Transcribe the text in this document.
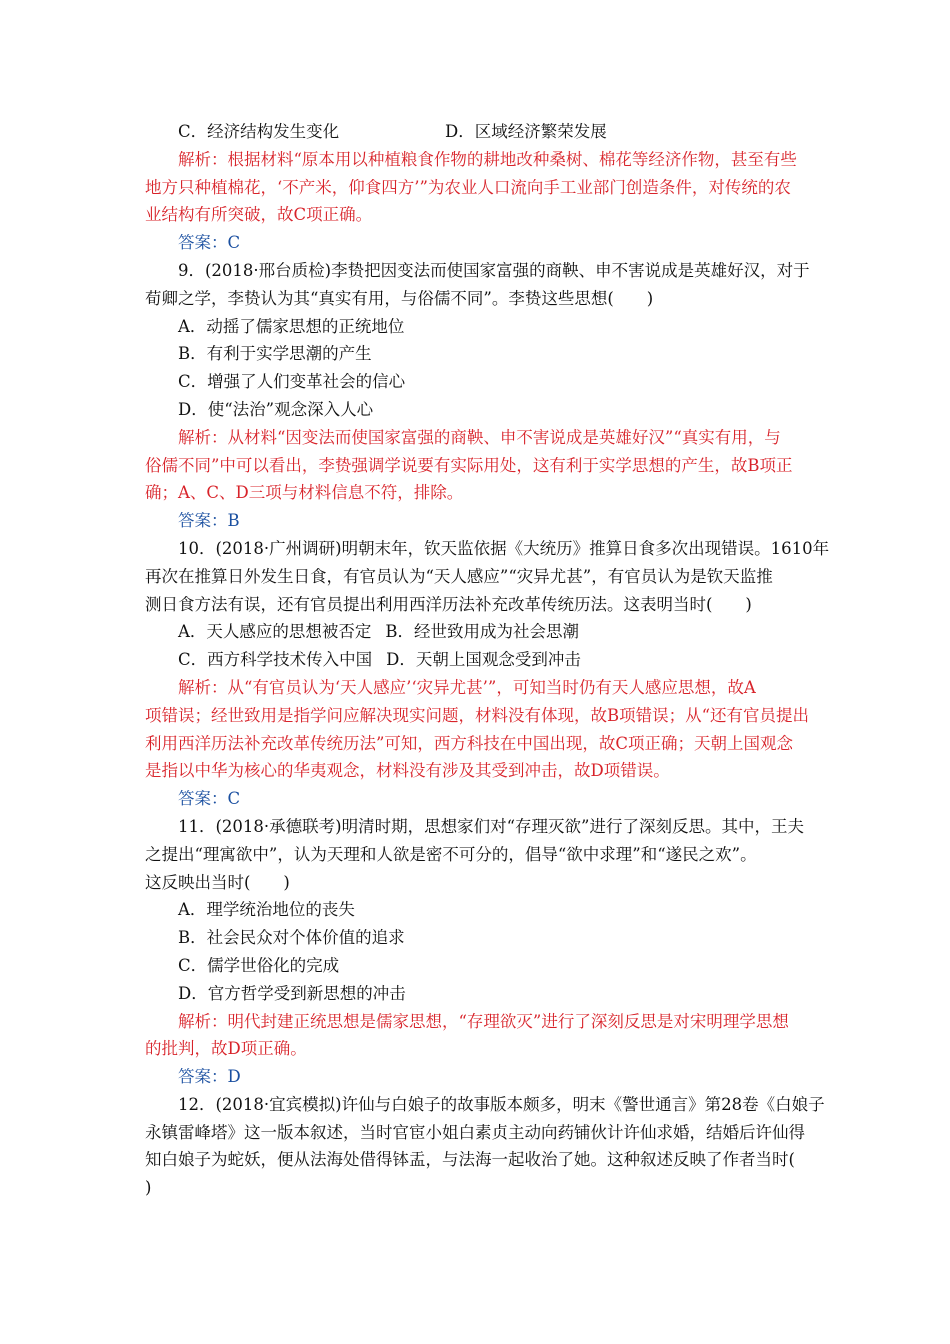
C．经济结构发生变化	D．区域经济繁荣发展
解析：根据材料“原本用以种植粮食作物的耕地改种桑树、棉花等经济作物，甚至有些
地方只种植棉花，‘不产米，仰食四方’”为农业人口流向手工业部门创造条件，对传统的农
业结构有所突破，故C项正确。
答案：C
9．(2018·邢台质检)李贽把因变法而使国家富强的商鞅、申不害说成是英雄好汉，对于
荀卿之学，李贽认为其“真实有用，与俗儒不同”。李贽这些思想(　　)
A．动摇了儒家思想的正统地位
B．有利于实学思潮的产生
C．增强了人们变革社会的信心
D．使“法治”观念深入人心
解析：从材料“因变法而使国家富强的商鞅、申不害说成是英雄好汉”“真实有用，与
俗儒不同”中可以看出，李贽强调学说要有实际用处，这有利于实学思想的产生，故B项正
确；A、C、D三项与材料信息不符，排除。
答案：B
10．(2018·广州调研)明朝末年，钦天监依据《大统历》推算日食多次出现错误。1610年
再次在推算日外发生日食，有官员认为“天人感应”“灾异尤甚”，有官员认为是钦天监推
测日食方法有误，还有官员提出利用西洋历法补充改革传统历法。这表明当时(　　)
A．天人感应的思想被否定 B．经世致用成为社会思潮
C．西方科学技术传入中国 D．天朝上国观念受到冲击
解析：从“有官员认为‘天人感应’‘灾异尤甚’”，可知当时仍有天人感应思想，故A
项错误；经世致用是指学问应解决现实问题，材料没有体现，故B项错误；从“还有官员提出
利用西洋历法补充改革传统历法”可知，西方科技在中国出现，故C项正确；天朝上国观念
是指以中华为核心的华夷观念，材料没有涉及其受到冲击，故D项错误。
答案：C
11．(2018·承德联考)明清时期，思想家们对“存理灭欲”进行了深刻反思。其中，王夫
之提出“理寓欲中”，认为天理和人欲是密不可分的，倡导“欲中求理”和“遂民之欢”。
这反映出当时(　　)
A．理学统治地位的丧失
B．社会民众对个体价值的追求
C．儒学世俗化的完成
D．官方哲学受到新思想的冲击
解析：明代封建正统思想是儒家思想，“存理欲灭”进行了深刻反思是对宋明理学思想
的批判，故D项正确。
答案：D
12．(2018·宜宾模拟)许仙与白娘子的故事版本颇多，明末《警世通言》第28卷《白娘子
永镇雷峰塔》这一版本叙述，当时官宦小姐白素贞主动向药铺伙计许仙求婚，结婚后许仙得
知白娘子为蛇妖，便从法海处借得钵盂，与法海一起收治了她。这种叙述反映了作者当时(
)
